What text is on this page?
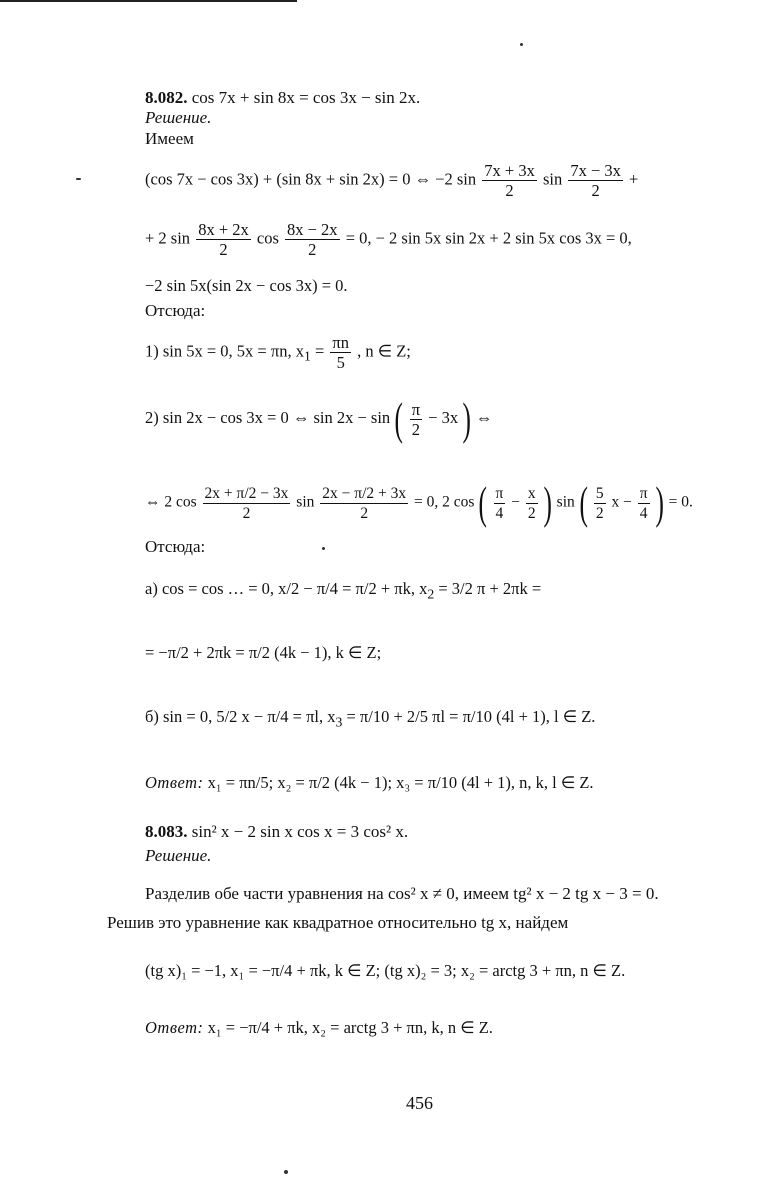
8.082. cos 7x + sin 8x = cos 3x − sin 2x.
Решение.
Имеем
(cos 7x − cos 3x) + (sin 8x + sin 2x) = 0 ⇔ −2 $\sin \frac{7x + 3x}{2}$ $\sin \frac{7x - 3x}{2}$ +
+ 2 $\sin \frac{8x + 2x}{2}$ $\cos \frac{8x - 2x}{2} = 0$, − 2 sin 5x sin 2x + 2 sin 5x cos 3x = 0,
−2 sin 5x(sin 2x − cos 3x) = 0.
Отсюда:
1) sin 5x = 0, 5x = πn, $x_1 = \frac{\pi n}{5}$ , n ∈ Z;
2) sin 2x − cos 3x = 0 ⇔ sin 2x − sin ( $\frac{\pi}{2} - 3x$ ) ⇔
⇔ 2 $\cos \frac{2x + \pi/2 - 3x}{2}$ $\sin \frac{2x - \pi/2 + 3x}{2} = 0$, 2 cos ( $\frac{\pi}{4} - \frac{x}{2}$ ) sin ( $\frac{5}{2}$ $x - \frac{\pi}{4}$ ) = 0.
Отсюда:
а) cos = cos … = 0, x/2 − π/4 = π/2 + πk, $x_2 = 3/2$ π + 2πk =
= −π/2 + 2πk = π/2 (4k − 1), k ∈ Z;
б) sin = 0, 5/2 x − π/4 = πl, $x_3 = \pi/10 + 2/5$ πl = π/10 (4l + 1), l ∈ Z.
Ответ: x₁ = πn/5; x₂ = π/2 (4k − 1); x₃ = π/10 (4l + 1), n, k, l ∈ Z.
8.083. sin² x − 2 sin x cos x = 3 cos² x.
Решение.
Разделив обе части уравнения на cos² x ≠ 0, имеем tg² x − 2 tg x − 3 = 0.
Решив это уравнение как квадратное относительно tg x, найдем
(tg x)₁ = −1, x₁ = −π/4 + πk, k ∈ Z; (tg x)₂ = 3; x₂ = arctg 3 + πn, n ∈ Z.
Ответ: x₁ = −π/4 + πk, x₂ = arctg 3 + πn, k, n ∈ Z.
456
